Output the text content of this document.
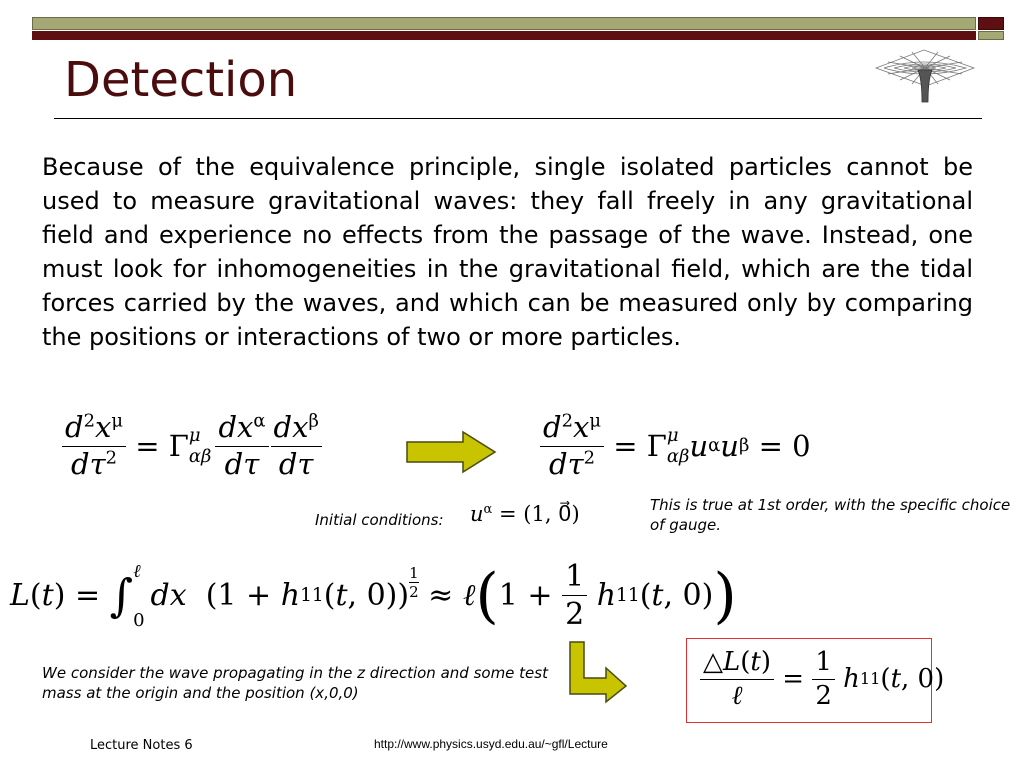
Detection
Because of the equivalence principle, single isolated particles cannot be used to measure gravitational waves: they fall freely in any gravitational field and experience no effects from the passage of the wave. Instead, one must look for inhomogeneities in the gravitational field, which are the tidal forces carried by the waves, and which can be measured only by comparing the positions or interactions of two or more particles.
$\frac{d^2x^\mu}{d\tau^2} = \Gamma$ μ
αβ $\frac{dx^\alpha}{d\tau} \frac{dx^\beta}{d\tau}$	$\frac{d^2x^\mu}{d\tau^2} = \Gamma$ μ
αβ u α u β = 0
This is true at 1st order, with the specific choice of gauge.
Initial conditions: $u^\alpha = (1$, 0⃗)
L ( t ) = ∫ ℓ
0
dx (1 + h 11 ( t , $0)) \frac{1}{2}$ ≈ ℓ ( $1 + \frac{1}{2}$ h 11 ( t , 0) )
We consider the wave propagating in the z direction and some test mass at the origin and the position (x,0,0)	$\frac{\triangle L(t)}{\text{ℓ}} = \frac{1}{2}$ h 11 ( t , 0)
Lecture Notes 6	http://www.physics.usyd.edu.au/~gfl/Lecture
